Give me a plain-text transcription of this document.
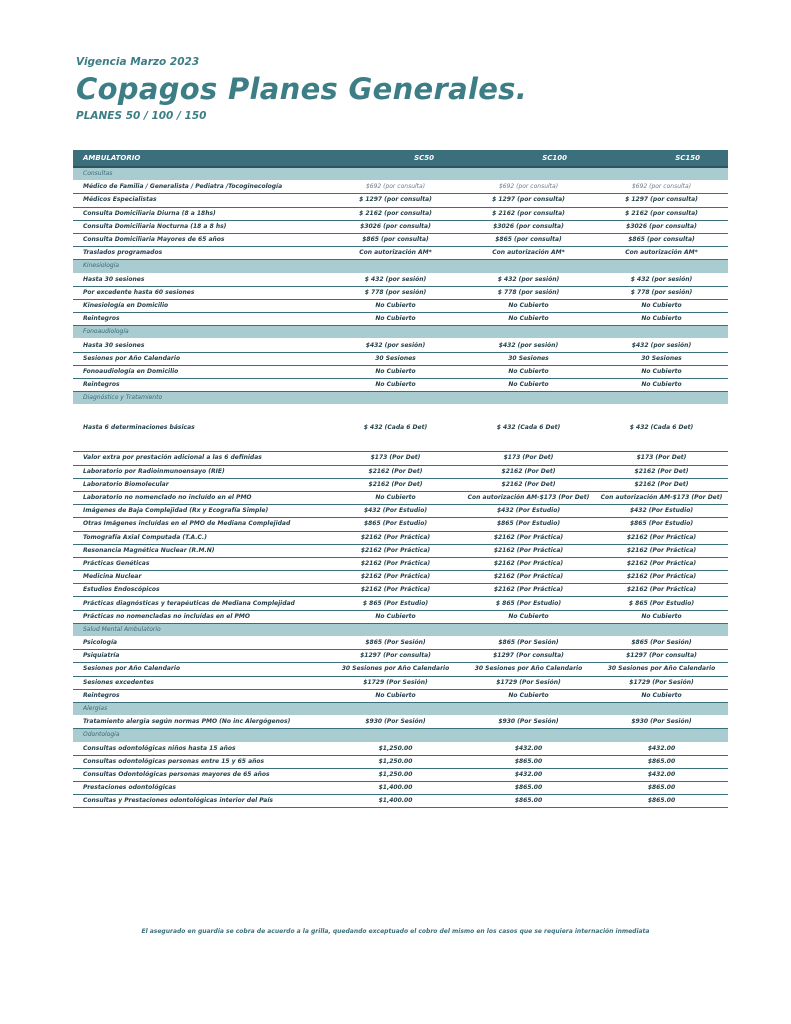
Vigencia Marzo 2023

Copagos Planes Generales.

PLANES 50 / 100 / 150

AMBULATORIO	SC50	SC100	SC150
Consultas			
Médico de Familia / Generalista / Pediatra /Tocoginecología	$692 (por consulta)	$692 (por consulta)	$692 (por consulta)
Médicos Especialistas	$ 1297 (por consulta)	$ 1297 (por consulta)	$ 1297 (por consulta)
Consulta Domiciliaria Diurna (8 a 18hs)	$ 2162 (por consulta)	$ 2162 (por consulta)	$ 2162 (por consulta)
Consulta Domiciliaria Nocturna (18 a 8 hs)	$3026 (por consulta)	$3026 (por consulta)	$3026 (por consulta)
Consulta Domiciliaria Mayores de 65 años	$865 (por consulta)	$865 (por consulta)	$865 (por consulta)
Traslados programados	Con autorización AM*	Con autorización AM*	Con autorización AM*
Kinesiología			
Hasta 30 sesiones	$ 432 (por sesión)	$ 432 (por sesión)	$ 432 (por sesión)
Por excedente hasta 60 sesiones	$ 778 (por sesión)	$ 778 (por sesión)	$ 778 (por sesión)
Kinesiología en Domicilio	No Cubierto	No Cubierto	No Cubierto
Reintegros	No Cubierto	No Cubierto	No Cubierto
Fonoaudiología			
Hasta 30 sesiones	$432 (por sesión)	$432 (por sesión)	$432 (por sesión)
Sesiones por Año Calendario	30 Sesiones	30 Sesiones	30 Sesiones
Fonoaudiología en Domicilio	No Cubierto	No Cubierto	No Cubierto
Reintegros	No Cubierto	No Cubierto	No Cubierto
Diagnóstico y Tratamiento			
Hasta 6 determinaciones básicas	$ 432 (Cada 6 Det)	$ 432 (Cada 6 Det)	$ 432 (Cada 6 Det)
Valor extra por prestación adicional a las 6 definidas	$173 (Por Det)	$173 (Por Det)	$173 (Por Det)
Laboratorio por Radioinmunoensayo (RIE)	$2162 (Por Det)	$2162 (Por Det)	$2162 (Por Det)
Laboratorio Biomolecular	$2162 (Por Det)	$2162 (Por Det)	$2162 (Por Det)
Laboratorio no nomenclado no incluído en el PMO	No Cubierto	Con autorización AM-$173 (Por Det)	Con autorización AM-$173 (Por Det)
Imágenes de Baja Complejidad (Rx y Ecografía Simple)	$432 (Por Estudio)	$432 (Por Estudio)	$432 (Por Estudio)
Otras Imágenes incluídas en el PMO de Mediana Complejidad	$865 (Por Estudio)	$865 (Por Estudio)	$865 (Por Estudio)
Tomografía Axial Computada (T.A.C.)	$2162 (Por Práctica)	$2162 (Por Práctica)	$2162 (Por Práctica)
Resonancia Magnética Nuclear (R.M.N)	$2162 (Por Práctica)	$2162 (Por Práctica)	$2162 (Por Práctica)
Prácticas Genéticas	$2162 (Por Práctica)	$2162 (Por Práctica)	$2162 (Por Práctica)
Medicina Nuclear	$2162 (Por Práctica)	$2162 (Por Práctica)	$2162 (Por Práctica)
Estudios Endoscópicos	$2162 (Por Práctica)	$2162 (Por Práctica)	$2162 (Por Práctica)
Prácticas diagnósticas y terapéuticas de Mediana Complejidad	$ 865 (Por Estudio)	$ 865 (Por Estudio)	$ 865 (Por Estudio)
Prácticas no nomencladas no incluídas en el PMO	No Cubierto	No Cubierto	No Cubierto
Salud Mental Ambulatorio			
Psicología	$865 (Por Sesión)	$865 (Por Sesión)	$865 (Por Sesión)
Psiquiatría	$1297 (Por consulta)	$1297 (Por consulta)	$1297 (Por consulta)
Sesiones por Año Calendario	30 Sesiones por Año Calendario	30 Sesiones por Año Calendario	30 Sesiones por Año Calendario
Sesiones excedentes	$1729 (Por Sesión)	$1729 (Por Sesión)	$1729 (Por Sesión)
Reintegros	No Cubierto	No Cubierto	No Cubierto
Alergias			
Tratamiento alergia según normas PMO (No inc Alergógenos)	$930 (Por Sesión)	$930 (Por Sesión)	$930 (Por Sesión)
Odontología			
Consultas odontológicas niños hasta 15 años	$1,250.00	$432.00	$432.00
Consultas odontológicas personas entre 15 y 65 años	$1,250.00	$865.00	$865.00
Consultas Odontológicas personas mayores de 65 años	$1,250.00	$432.00	$432.00
Prestaciones odontológicas	$1,400.00	$865.00	$865.00
Consultas y Prestaciones odontológicas interior del País	$1,400.00	$865.00	$865.00

El asegurado en guardia se cobra de acuerdo a la grilla, quedando exceptuado el cobro del mismo en los casos que se requiera internación inmediata
